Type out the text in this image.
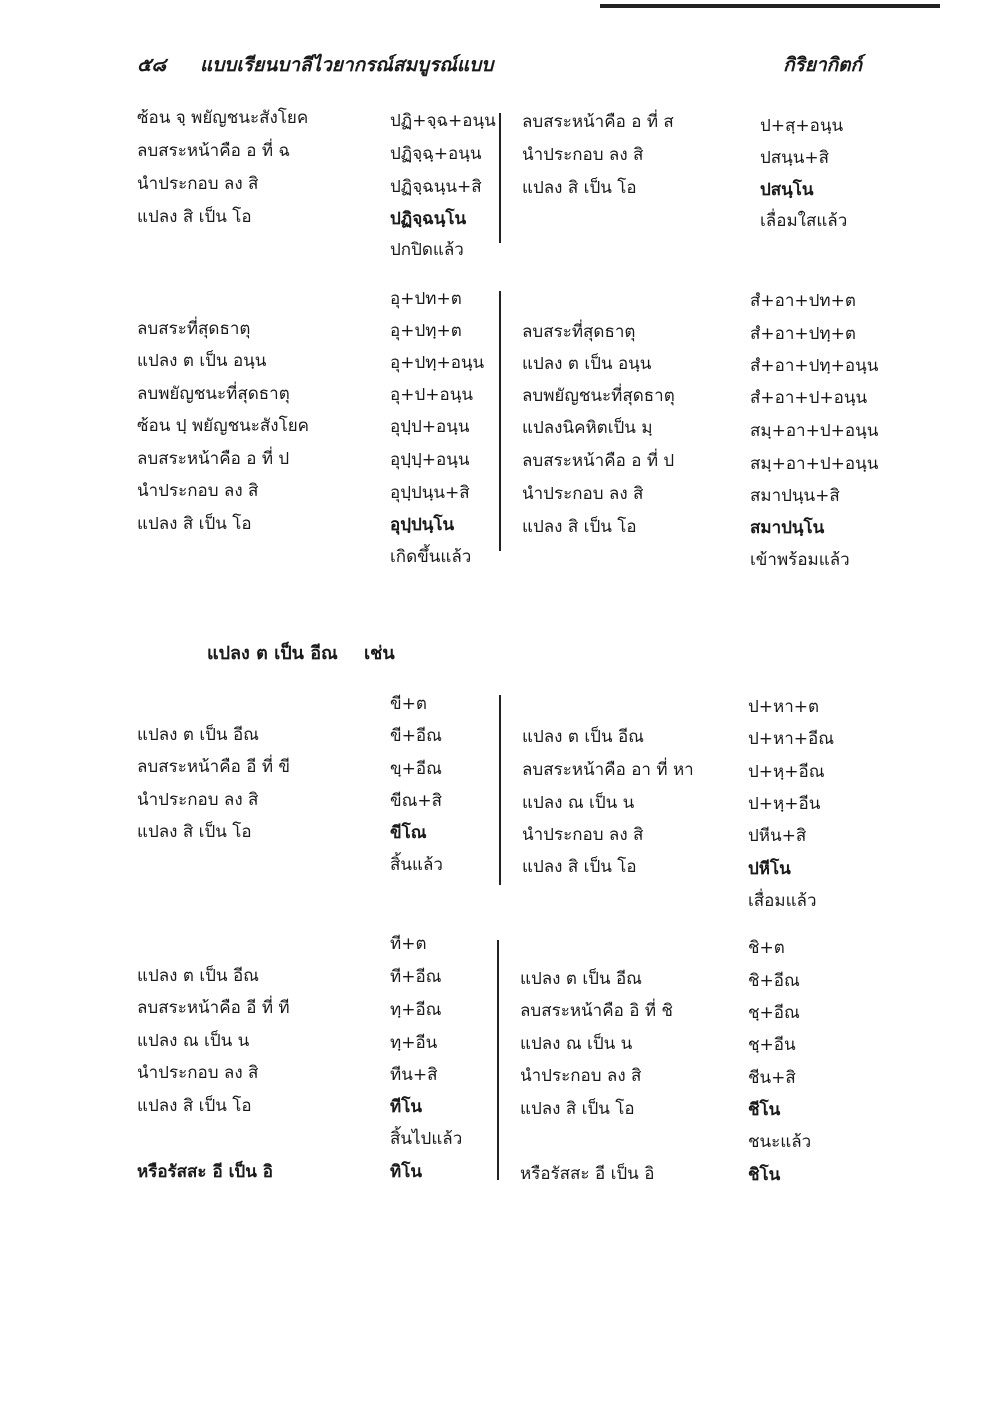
๕๘ แบบเรียนบาลีไวยากรณ์สมบูรณ์แบบ	กิริยากิตก์
ซ้อน จฺ พยัญชนะสังโยค
ลบสระหน้าคือ อ ที่ ฉ
นำประกอบ ลง สิ
แปลง สิ เป็น โอ
ปฏิ+จฺฉ+อนฺน
ปฏิจฺฉฺ+อนฺน
ปฏิจฺฉนฺน+สิ
ปฏิจฺฉนฺโน
ปกปิดแล้ว
ลบสระหน้าคือ อ ที่ ส
นำประกอบ ลง สิ
แปลง สิ เป็น โอ
ป+สฺ+อนฺน
ปสนฺน+สิ
ปสนฺโน
เลื่อมใสแล้ว
ลบสระที่สุดธาตุ
แปลง ต เป็น อนฺน
ลบพยัญชนะที่สุดธาตุ
ซ้อน ปฺ พยัญชนะสังโยค
ลบสระหน้าคือ อ ที่ ป
นำประกอบ ลง สิ
แปลง สิ เป็น โอ
อุ+ปท+ต
อุ+ปทฺ+ต
อุ+ปทฺ+อนฺน
อุ+ป+อนฺน
อุปฺป+อนฺน
อุปฺปฺ+อนฺน
อุปฺปนฺน+สิ
อุปฺปนฺโน
เกิดขึ้นแล้ว
ลบสระที่สุดธาตุ
แปลง ต เป็น อนฺน
ลบพยัญชนะที่สุดธาตุ
แปลงนิคหิตเป็น มฺ
ลบสระหน้าคือ อ ที่ ป
นำประกอบ ลง สิ
แปลง สิ เป็น โอ
สํ+อา+ปท+ต
สํ+อา+ปทฺ+ต
สํ+อา+ปทฺ+อนฺน
สํ+อา+ป+อนฺน
สมฺ+อา+ป+อนฺน
สมฺ+อา+ป+อนฺน
สมาปนฺน+สิ
สมาปนฺโน
เข้าพร้อมแล้ว
แปลง ต เป็น อีณ เช่น
แปลง ต เป็น อีณ
ลบสระหน้าคือ อี ที่ ขี
นำประกอบ ลง สิ
แปลง สิ เป็น โอ
ขี+ต
ขี+อีณ
ขฺ+อีณ
ขีณ+สิ
ขีโณ
สิ้นแล้ว
แปลง ต เป็น อีณ
ลบสระหน้าคือ อา ที่ หา
แปลง ณ เป็น น
นำประกอบ ลง สิ
แปลง สิ เป็น โอ
ป+หา+ต
ป+หา+อีณ
ป+หฺ+อีณ
ป+หฺ+อีน
ปหีน+สิ
ปหีโน
เสื่อมแล้ว
แปลง ต เป็น อีณ
ลบสระหน้าคือ อี ที่ ที
แปลง ณ เป็น น
นำประกอบ ลง สิ
แปลง สิ เป็น โอ
หรือรัสสะ อี เป็น อิ
ที+ต
ที+อีณ
ทฺ+อีณ
ทฺ+อีน
ทีน+สิ
ทีโน
สิ้นไปแล้ว
ทิโน
แปลง ต เป็น อีณ
ลบสระหน้าคือ อิ ที่ ชิ
แปลง ณ เป็น น
นำประกอบ ลง สิ
แปลง สิ เป็น โอ
หรือรัสสะ อี เป็น อิ
ชิ+ต
ชิ+อีณ
ชฺ+อีณ
ชฺ+อีน
ชีน+สิ
ชีโน
ชนะแล้ว
ชิโน
